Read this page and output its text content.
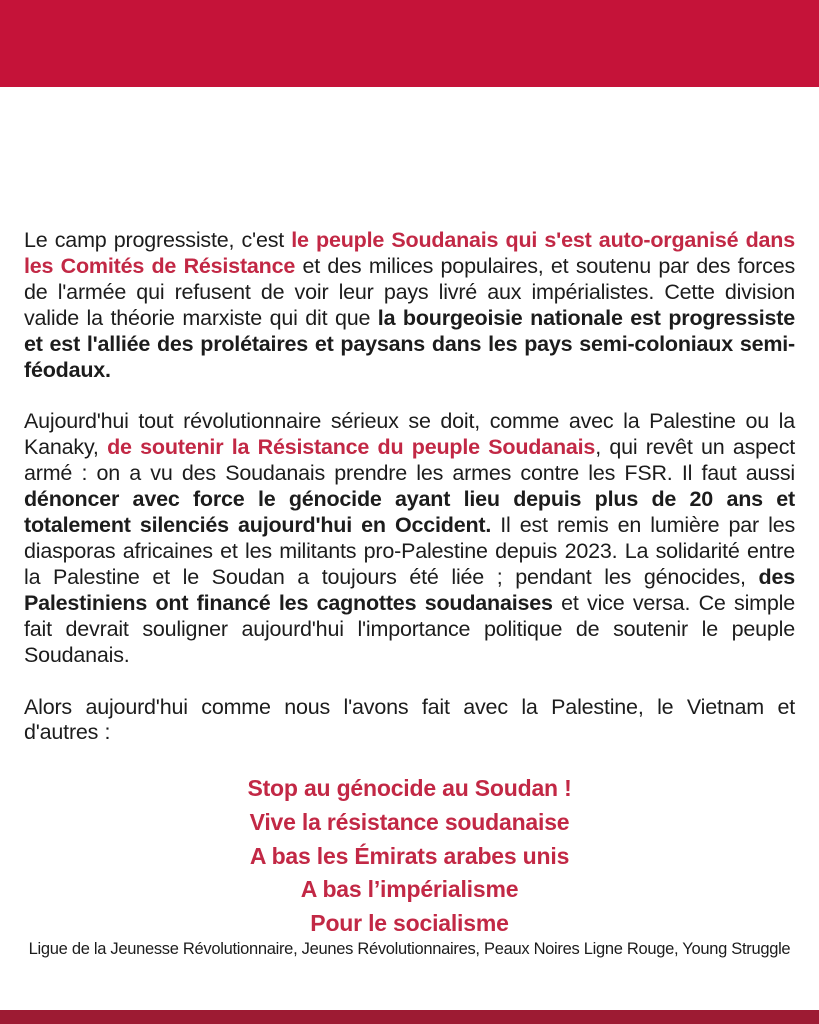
Le camp progressiste, c'est le peuple Soudanais qui s'est auto-organisé dans les Comités de Résistance et des milices populaires, et soutenu par des forces de l'armée qui refusent de voir leur pays livré aux impérialistes. Cette division valide la théorie marxiste qui dit que la bourgeoisie nationale est progressiste et est l'alliée des prolétaires et paysans dans les pays semi-coloniaux semi-féodaux.

Aujourd'hui tout révolutionnaire sérieux se doit, comme avec la Palestine ou la Kanaky, de soutenir la Résistance du peuple Soudanais, qui revêt un aspect armé : on a vu des Soudanais prendre les armes contre les FSR. Il faut aussi dénoncer avec force le génocide ayant lieu depuis plus de 20 ans et totalement silenciés aujourd'hui en Occident. Il est remis en lumière par les diasporas africaines et les militants pro-Palestine depuis 2023. La solidarité entre la Palestine et le Soudan a toujours été liée ; pendant les génocides, des Palestiniens ont financé les cagnottes soudanaises et vice versa. Ce simple fait devrait souligner aujourd'hui l'importance politique de soutenir le peuple Soudanais.

Alors aujourd'hui comme nous l'avons fait avec la Palestine, le Vietnam et d'autres :

Stop au génocide au Soudan !
Vive la résistance soudanaise
A bas les Émirats arabes unis
A bas l’impérialisme
Pour le socialisme
Ligue de la Jeunesse Révolutionnaire, Jeunes Révolutionnaires, Peaux Noires Ligne Rouge, Young Struggle
